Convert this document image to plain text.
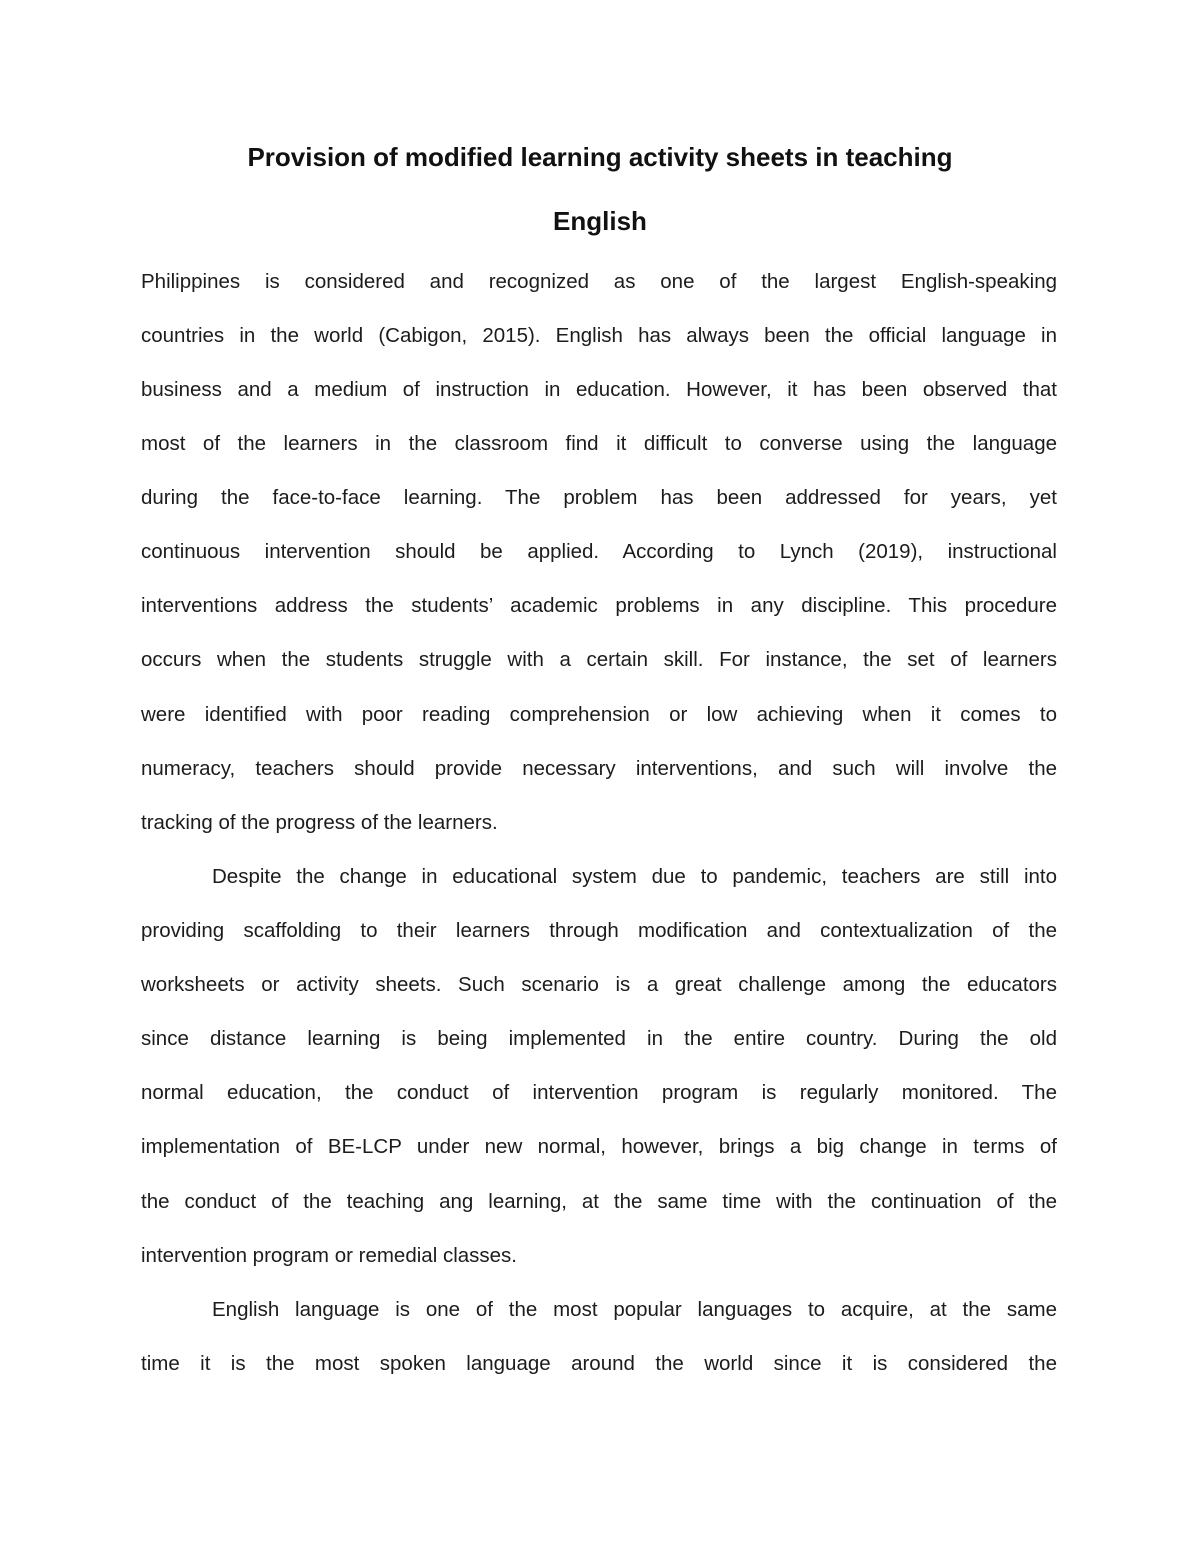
Provision of modified learning activity sheets in teaching
English
Philippines is considered and recognized as one of the largest English-speaking
countries in the world (Cabigon, 2015). English has always been the official language in
business and a medium of instruction in education. However, it has been observed that
most of the learners in the classroom find it difficult to converse using the language
during the face-to-face learning. The problem has been addressed for years, yet
continuous intervention should be applied. According to Lynch (2019), instructional
interventions address the students’ academic problems in any discipline. This procedure
occurs when the students struggle with a certain skill. For instance, the set of learners
were identified with poor reading comprehension or low achieving when it comes to
numeracy, teachers should provide necessary interventions, and such will involve the
tracking of the progress of the learners.
Despite the change in educational system due to pandemic, teachers are still into
providing scaffolding to their learners through modification and contextualization of the
worksheets or activity sheets. Such scenario is a great challenge among the educators
since distance learning is being implemented in the entire country. During the old
normal education, the conduct of intervention program is regularly monitored. The
implementation of BE-LCP under new normal, however, brings a big change in terms of
the conduct of the teaching ang learning, at the same time with the continuation of the
intervention program or remedial classes.
English language is one of the most popular languages to acquire, at the same
time it is the most spoken language around the world since it is considered the
